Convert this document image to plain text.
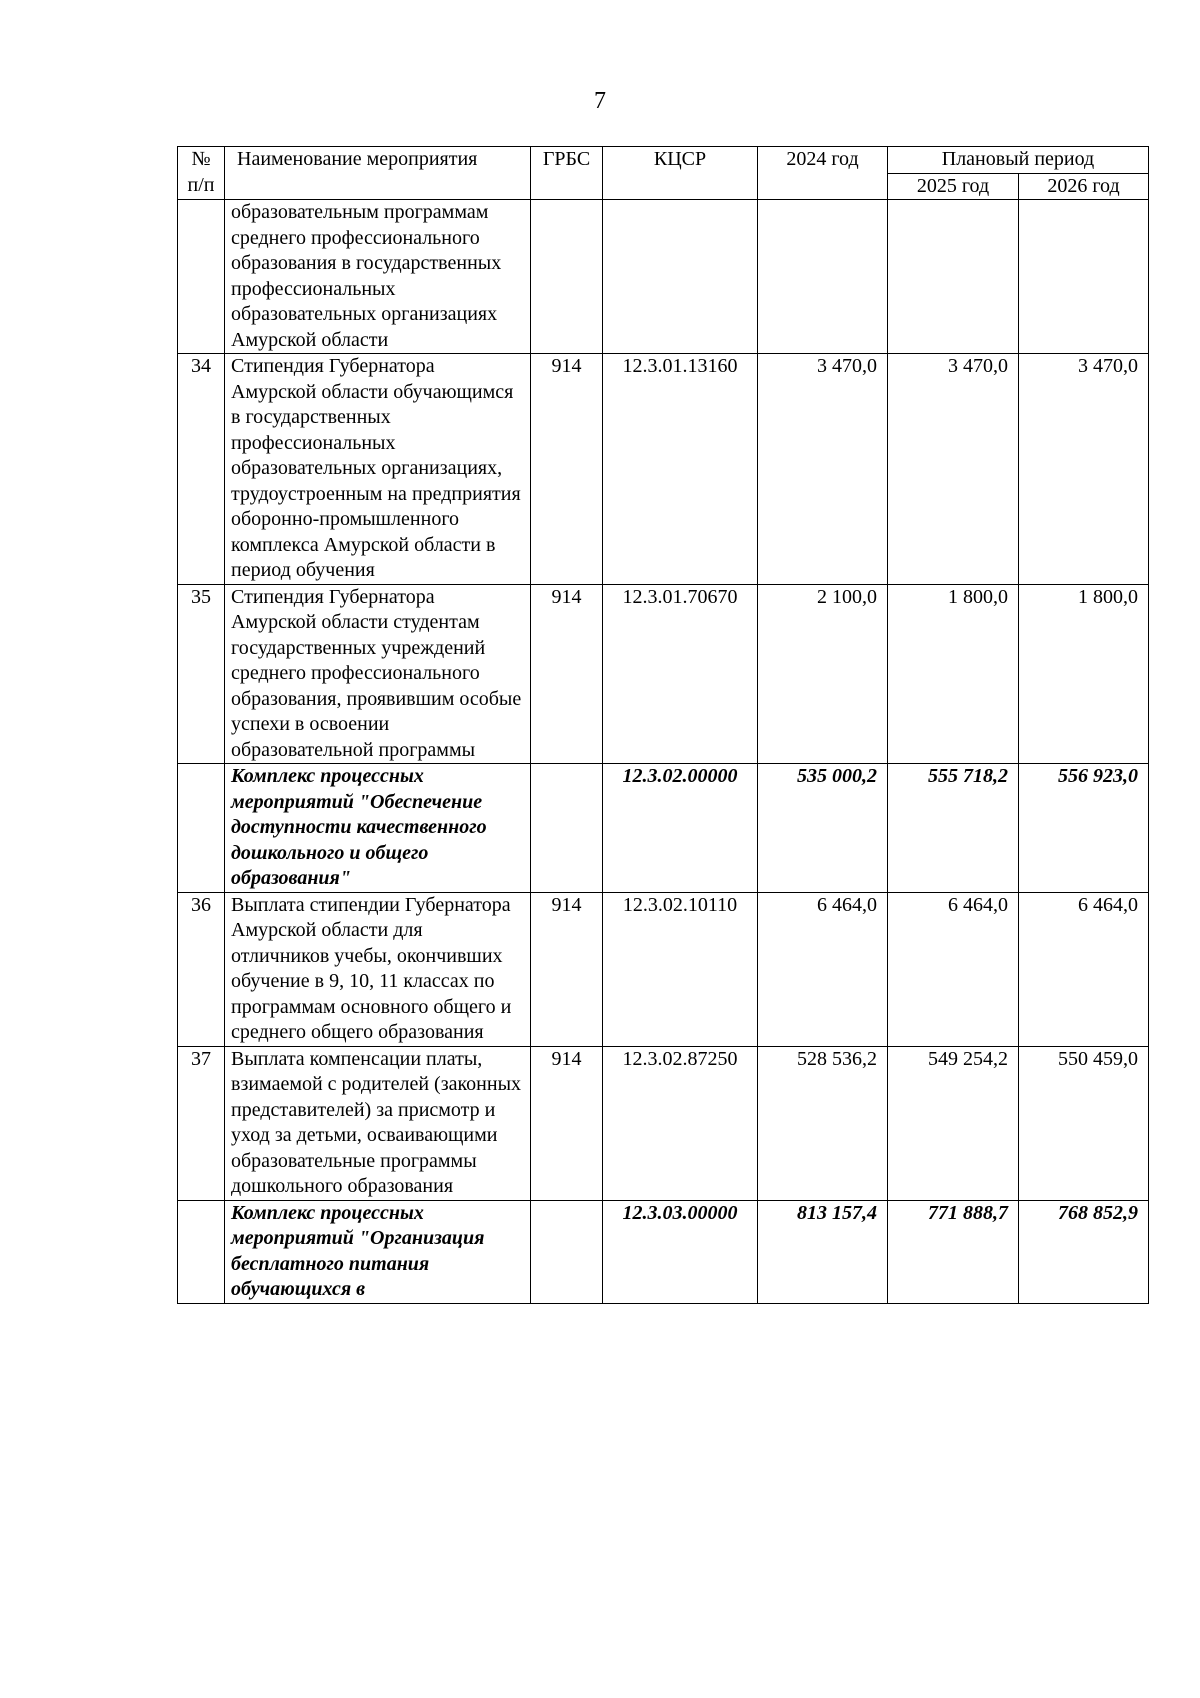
7
№
п/п	Наименование мероприятия	ГРБС	КЦСР	2024 год	Плановый период	
					2025 год	2026 год
	образовательным программам среднего профессионального образования в государственных профессиональных образовательных организациях Амурской области					
34	Стипендия Губернатора Амурской области обучающимся в государственных профессиональных образовательных организациях, трудоустроенным на предприятия оборонно-промышленного комплекса Амурской области в период обучения	914	12.3.01.13160	3 470,0	3 470,0	3 470,0
35	Стипендия Губернатора Амурской области студентам государственных учреждений среднего профессионального образования, проявившим особые успехи в освоении образовательной программы	914	12.3.01.70670	2 100,0	1 800,0	1 800,0
	Комплекс процессных мероприятий "Обеспечение доступности качественного дошкольного и общего образования"		12.3.02.00000	535 000,2	555 718,2	556 923,0
36	Выплата стипендии Губернатора Амурской области для отличников учебы, окончивших обучение в 9, 10, 11 классах по программам основного общего и среднего общего образования	914	12.3.02.10110	6 464,0	6 464,0	6 464,0
37	Выплата компенсации платы, взимаемой с родителей (законных представителей) за присмотр и уход за детьми, осваивающими образовательные программы дошкольного образования	914	12.3.02.87250	528 536,2	549 254,2	550 459,0
	Комплекс процессных мероприятий "Организация бесплатного питания обучающихся в		12.3.03.00000	813 157,4	771 888,7	768 852,9
